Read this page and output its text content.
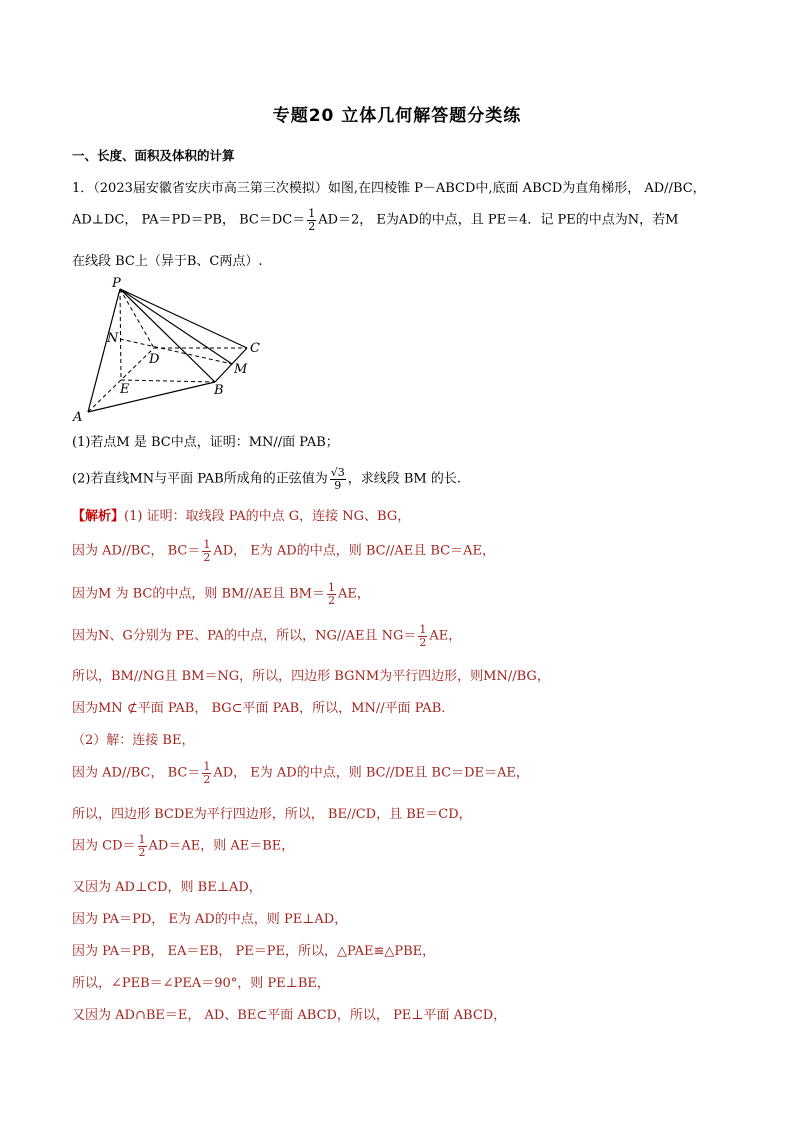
专题20 立体几何解答题分类练
一、长度、面积及体积的计算
1．（2023届安徽省安庆市高三第三次模拟）如图,在四棱锥 P－ABCD中,底面 ABCD为直角梯形， AD//BC，
AD⊥DC， PA＝PD＝PB， $BC=DC= \frac{1}{2} AD=2$， E为AD的中点，且 PE＝4．记 PE的中点为N，若M
在线段 BC上（异于B、C两点）.
P
N
D
C
M
E	B
A
(1)若点M 是 BC中点，证明：MN//面 PAB；
(2)若直线MN与平面 PAB所成角的正弦值为 $\frac{√3}{9}$ ，求线段 BM 的长.
【解析】(1) 证明：取线段 PA的中点 G，连接 NG、BG，
因为 AD//BC， $BC= \frac{1}{2}$ AD， E为 AD的中点，则 BC//AE且 BC＝AE，
因为M 为 BC的中点，则 BM//AE且 $BM= \frac{1}{2}$ AE，
因为N、G分别为 PE、PA的中点，所以，NG//AE且 $NG= \frac{1}{2}$ AE，
所以，BM//NG且 BM＝NG，所以，四边形 BGNM为平行四边形，则MN//BG，
因为MN ⊄平面 PAB， BG⊂平面 PAB，所以，MN//平面 PAB.
（2）解：连接 BE，
因为 AD//BC， $BC= \frac{1}{2}$ AD， E为 AD的中点，则 BC//DE且 BC＝DE＝AE，
所以，四边形 BCDE为平行四边形，所以， BE//CD，且 BE＝CD，
因为 $CD= \frac{1}{2} AD=AE$，则 AE＝BE，
又因为 AD⊥CD，则 BE⊥AD，
因为 PA＝PD， E为 AD的中点，则 PE⊥AD，
因为 PA＝PB， EA＝EB， PE＝PE，所以，△PAE≌△PBE，
所以，∠PEB＝∠PEA＝90°，则 PE⊥BE，
又因为 AD∩BE＝E， AD、BE⊂平面 ABCD，所以， PE⊥平面 ABCD，
